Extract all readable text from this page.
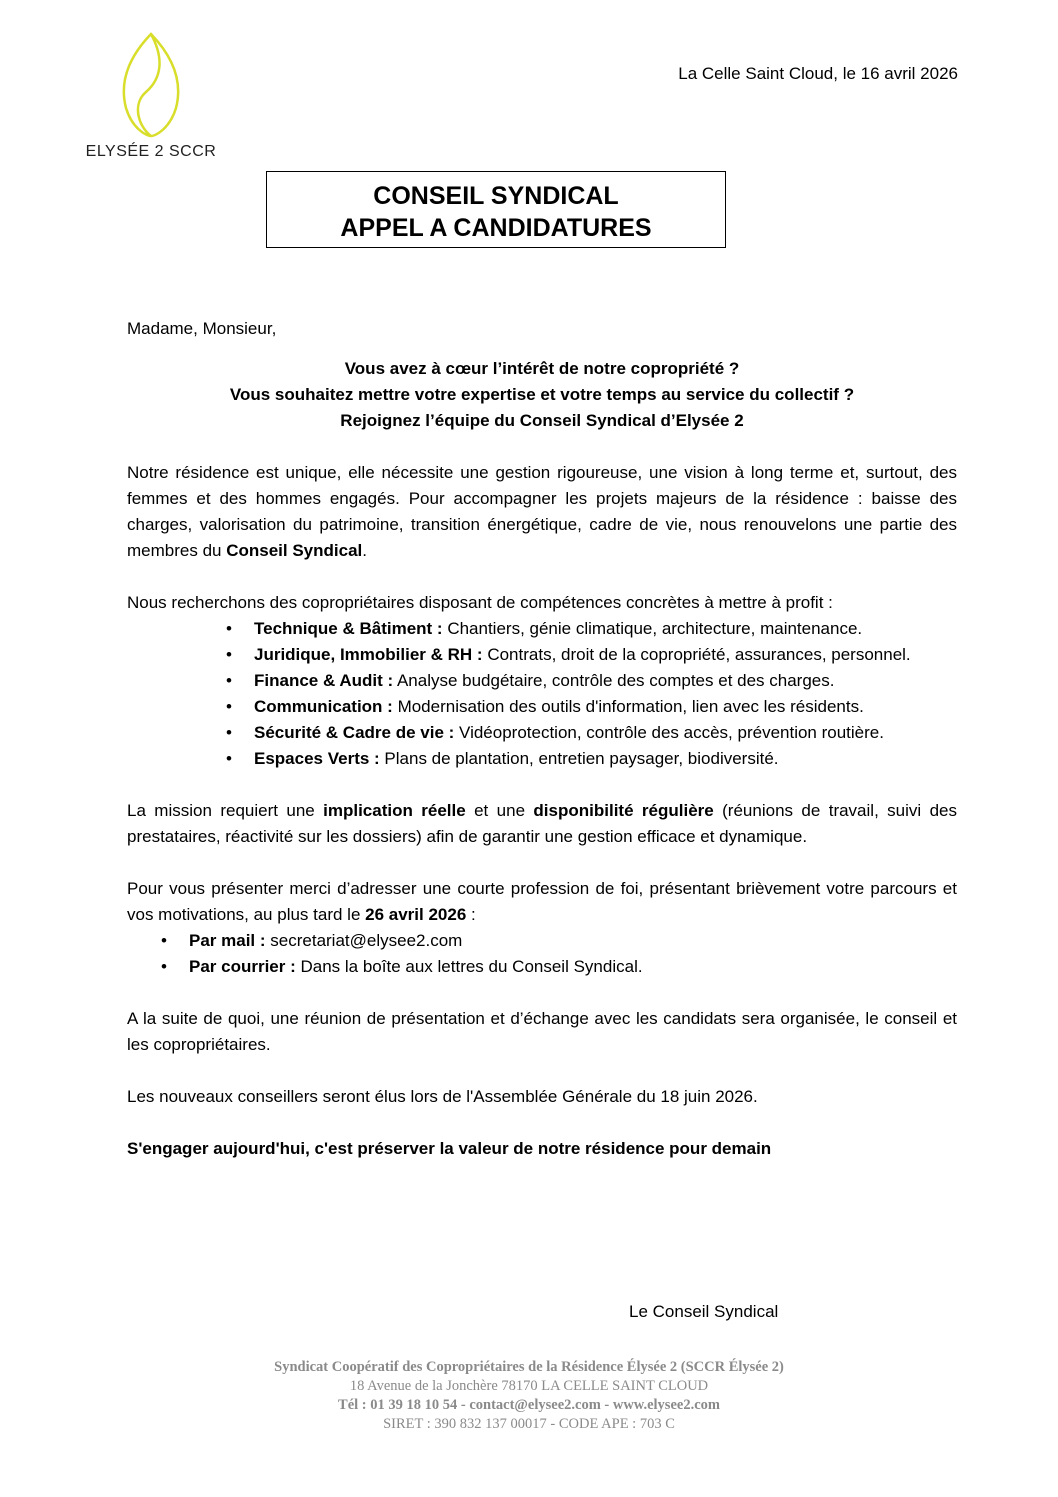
ELYSÉE 2 SCCR
La Celle Saint Cloud, le 16 avril 2026
CONSEIL SYNDICAL
APPEL A CANDIDATURES

Madame, Monsieur,

Vous avez à cœur l’intérêt de notre copropriété ?

Vous souhaitez mettre votre expertise et votre temps au service du collectif ?

Rejoignez l’équipe du Conseil Syndical d’Elysée 2

Notre résidence est unique, elle nécessite une gestion rigoureuse, une vision à long terme et, surtout, des femmes et des hommes engagés. Pour accompagner les projets majeurs de la résidence : baisse des charges, valorisation du patrimoine, transition énergétique, cadre de vie, nous renouvelons une partie des membres du Conseil Syndical.

Nous recherchons des copropriétaires disposant de compétences concrètes à mettre à profit :

• Technique & Bâtiment : Chantiers, génie climatique, architecture, maintenance.
• Juridique, Immobilier & RH : Contrats, droit de la copropriété, assurances, personnel.
• Finance & Audit : Analyse budgétaire, contrôle des comptes et des charges.
• Communication : Modernisation des outils d'information, lien avec les résidents.
• Sécurité & Cadre de vie : Vidéoprotection, contrôle des accès, prévention routière.
• Espaces Verts : Plans de plantation, entretien paysager, biodiversité.

La mission requiert une implication réelle et une disponibilité régulière (réunions de travail, suivi des prestataires, réactivité sur les dossiers) afin de garantir une gestion efficace et dynamique.

Pour vous présenter merci d’adresser une courte profession de foi, présentant brièvement votre parcours et vos motivations, au plus tard le 26 avril 2026 :

• Par mail : secretariat@elysee2.com
• Par courrier : Dans la boîte aux lettres du Conseil Syndical.

A la suite de quoi, une réunion de présentation et d’échange avec les candidats sera organisée, le conseil et les copropriétaires.

Les nouveaux conseillers seront élus lors de l'Assemblée Générale du 18 juin 2026.

S'engager aujourd'hui, c'est préserver la valeur de notre résidence pour demain

Le Conseil Syndical
Syndicat Coopératif des Copropriétaires de la Résidence Élysée 2 (SCCR Élysée 2)
18 Avenue de la Jonchère 78170 LA CELLE SAINT CLOUD
Tél : 01 39 18 10 54 - contact@elysee2.com - www.elysee2.com
SIRET : 390 832 137 00017 - CODE APE : 703 C
